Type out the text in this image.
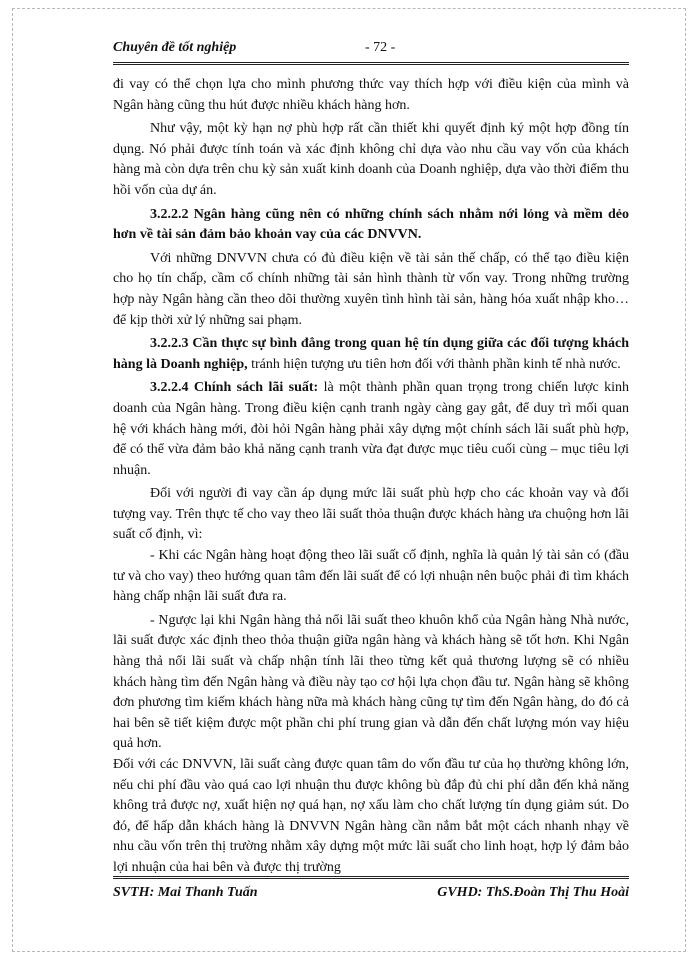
Chuyên đề tốt nghiệp	- 72 -

đi vay có thể chọn lựa cho mình phương thức vay thích hợp với điều kiện của mình và Ngân hàng cũng thu hút được nhiều khách hàng hơn.

Như vậy, một kỳ hạn nợ phù hợp rất cần thiết khi quyết định ký một hợp đồng tín dụng. Nó phải được tính toán và xác định không chỉ dựa vào nhu cầu vay vốn của khách hàng mà còn dựa trên chu kỳ sản xuất kinh doanh của Doanh nghiệp, dựa vào thời điểm thu hồi vốn của dự án.

3.2.2.2 Ngân hàng cũng nên có những chính sách nhằm nới lỏng và mềm dẻo hơn về tài sản đảm bảo khoản vay của các DNVVN.

Với những DNVVN chưa có đủ điều kiện về tài sản thế chấp, có thể tạo điều kiện cho họ tín chấp, cầm cố chính những tài sản hình thành từ vốn vay. Trong những trường hợp này Ngân hàng cần theo dõi thường xuyên tình hình tài sản, hàng hóa xuất nhập kho… để kịp thời xử lý những sai phạm.

3.2.2.3 Cần thực sự bình đẳng trong quan hệ tín dụng giữa các đối tượng khách hàng là Doanh nghiệp, tránh hiện tượng ưu tiên hơn đối với thành phần kinh tế nhà nước.

3.2.2.4 Chính sách lãi suất: là một thành phần quan trọng trong chiến lược kinh doanh của Ngân hàng. Trong điều kiện cạnh tranh ngày càng gay gắt, để duy trì mối quan hệ với khách hàng mới, đòi hỏi Ngân hàng phải xây dựng một chính sách lãi suất phù hợp, để có thể vừa đảm bảo khả năng cạnh tranh vừa đạt được mục tiêu cuối cùng – mục tiêu lợi nhuận.

Đối với người đi vay cần áp dụng mức lãi suất phù hợp cho các khoản vay và đối tượng vay. Trên thực tế cho vay theo lãi suất thỏa thuận được khách hàng ưa chuộng hơn lãi suất cố định, vì:

- Khi các Ngân hàng hoạt động theo lãi suất cố định, nghĩa là quản lý tài sản có (đầu tư và cho vay) theo hướng quan tâm đến lãi suất để có lợi nhuận nên buộc phải đi tìm khách hàng chấp nhận lãi suất đưa ra.

- Ngược lại khi Ngân hàng thả nổi lãi suất theo khuôn khổ của Ngân hàng Nhà nước, lãi suất được xác định theo thỏa thuận giữa ngân hàng và khách hàng sẽ tốt hơn. Khi Ngân hàng thả nổi lãi suất và chấp nhận tính lãi theo từng kết quả thương lượng sẽ có nhiều khách hàng tìm đến Ngân hàng và điều này tạo cơ hội lựa chọn đầu tư. Ngân hàng sẽ không đơn phương tìm kiếm khách hàng nữa mà khách hàng cũng tự tìm đến Ngân hàng, do đó cả hai bên sẽ tiết kiệm được một phần chi phí trung gian và dẫn đến chất lượng món vay hiệu quả hơn.

Đối với các DNVVN, lãi suất càng được quan tâm do vốn đầu tư của họ thường không lớn, nếu chi phí đầu vào quá cao lợi nhuận thu được không bù đắp đủ chi phí dẫn đến khả năng không trả được nợ, xuất hiện nợ quá hạn, nợ xấu làm cho chất lượng tín dụng giảm sút. Do đó, để hấp dẫn khách hàng là DNVVN Ngân hàng cần nắm bắt một cách nhanh nhạy về nhu cầu vốn trên thị trường nhằm xây dựng một mức lãi suất cho linh hoạt, hợp lý đảm bảo lợi nhuận của hai bên và được thị trường

SVTH: Mai Thanh Tuấn	GVHD: ThS.Đoàn Thị Thu Hoài
